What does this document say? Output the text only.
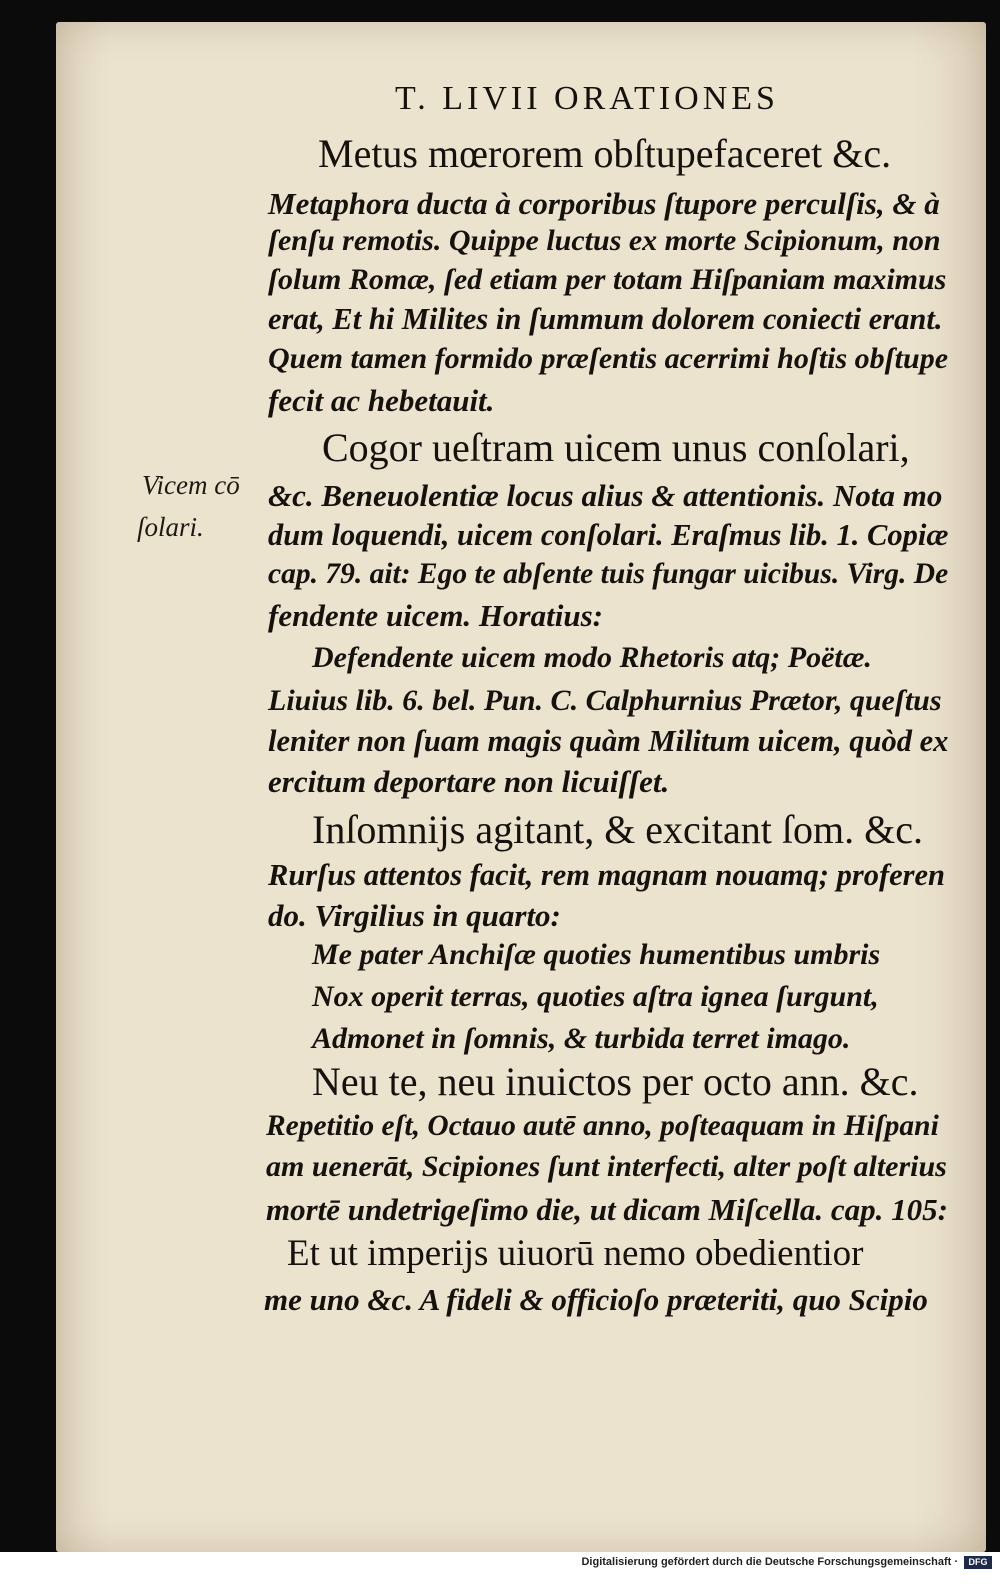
T. LIVII ORATIONES
Metus mœrorem obſtupefaceret &c.
Metaphora ducta à corporibus ſtupore perculſis, & à
ſenſu remotis. Quippe luctus ex morte Scipionum, non
ſolum Romæ, ſed etiam per totam Hiſpaniam maximus
erat, Et hi Milites in ſummum dolorem coniecti erant.
Quem tamen formido præſentis acerrimi hoſtis obſtupe
fecit ac hebetauit.
Cogor ueſtram uicem unus conſolari,
&c. Beneuolentiæ locus alius & attentionis. Nota mo
dum loquendi, uicem conſolari. Eraſmus lib. 1. Copiæ
cap. 79. ait: Ego te abſente tuis fungar uicibus. Virg. De
fendente uicem. Horatius:
Defendente uicem modo Rhetoris atq; Poëtæ.
Liuius lib. 6. bel. Pun. C. Calphurnius Prætor, queſtus
leniter non ſuam magis quàm Militum uicem, quòd ex
ercitum deportare non licuiſſet.
Inſomnijs agitant, & excitant ſom. &c.
Rurſus attentos facit, rem magnam nouamq; proferen
do. Virgilius in quarto:
Me pater Anchiſæ quoties humentibus umbris
Nox operit terras, quoties aſtra ignea ſurgunt,
Admonet in ſomnis, & turbida terret imago.
Neu te, neu inuictos per octo ann. &c.
Repetitio eſt, Octauo autē anno, poſteaquam in Hiſpani
am uenerāt, Scipiones ſunt interfecti, alter poſt alterius
mortē undetrigeſimo die, ut dicam Miſcella. cap. 105:
Et ut imperijs uiuorū nemo obedientior
me uno &c. A fideli & officioſo præteriti, quo Scipio
Vicem cō
ſolari.
Digitalisierung gefördert durch die Deutsche Forschungsgemeinschaft ·	DFG
